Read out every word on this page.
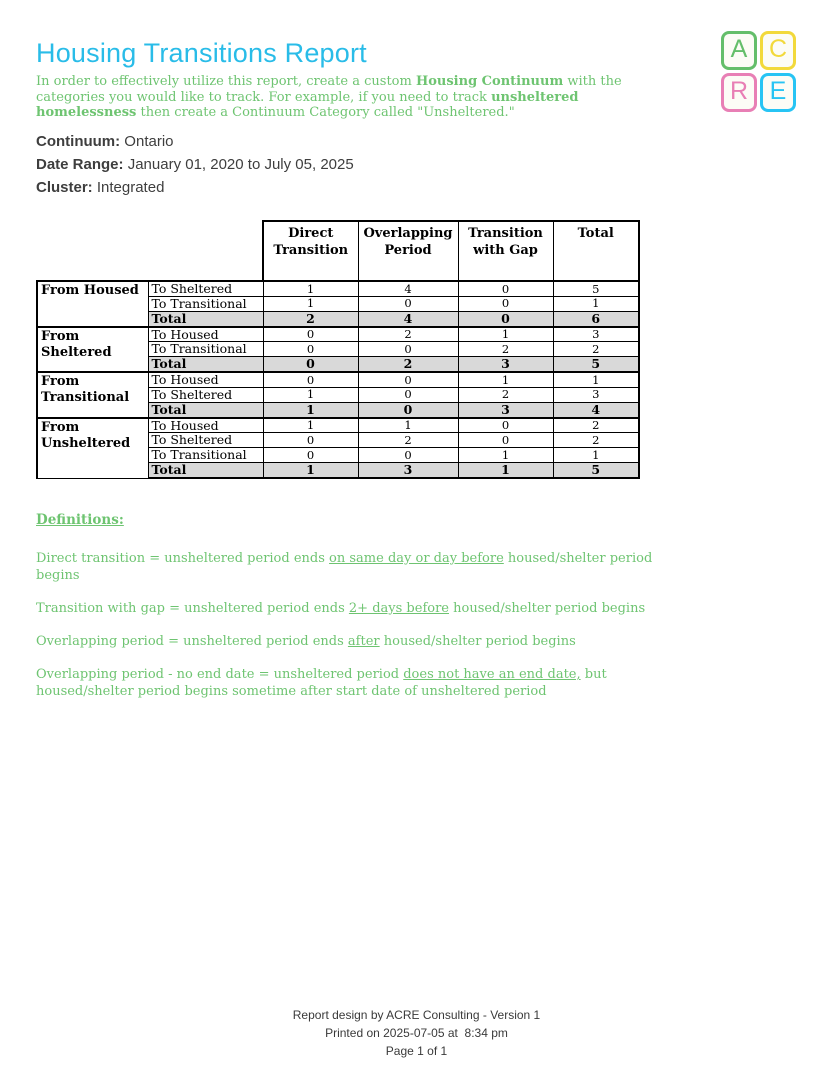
Housing Transitions Report	A C
R E

In order to effectively utilize this report, create a custom Housing Continuum with the categories you would like to track. For example, if you need to track unsheltered homelessness then create a Continuum Category called "Unsheltered."

Continuum: Ontario
Date Range: January 01, 2020 to July 05, 2025
Cluster: Integrated
		Direct Transition	Overlapping Period	Transition with Gap	Total
From Housed	To Sheltered	1	4	0	5
	To Transitional	1	0	0	1
	Total	2	4	0	6
From Sheltered	To Housed	0	2	1	3
	To Transitional	0	0	2	2
	Total	0	2	3	5
From Transitional	To Housed	0	0	1	1
	To Sheltered	1	0	2	3
	Total	1	0	3	4
From Unsheltered	To Housed	1	1	0	2
	To Sheltered	0	2	0	2
	To Transitional	0	0	1	1
	Total	1	3	1	5
Definitions:

Direct transition = unsheltered period ends on same day or day before housed/shelter period begins

Transition with gap = unsheltered period ends 2+ days before housed/shelter period begins

Overlapping period = unsheltered period ends after housed/shelter period begins

Overlapping period - no end date = unsheltered period does not have an end date, but housed/shelter period begins sometime after start date of unsheltered period

Report design by ACRE Consulting - Version 1
Printed on 2025-07-05 at  8:34 pm
Page 1 of 1
